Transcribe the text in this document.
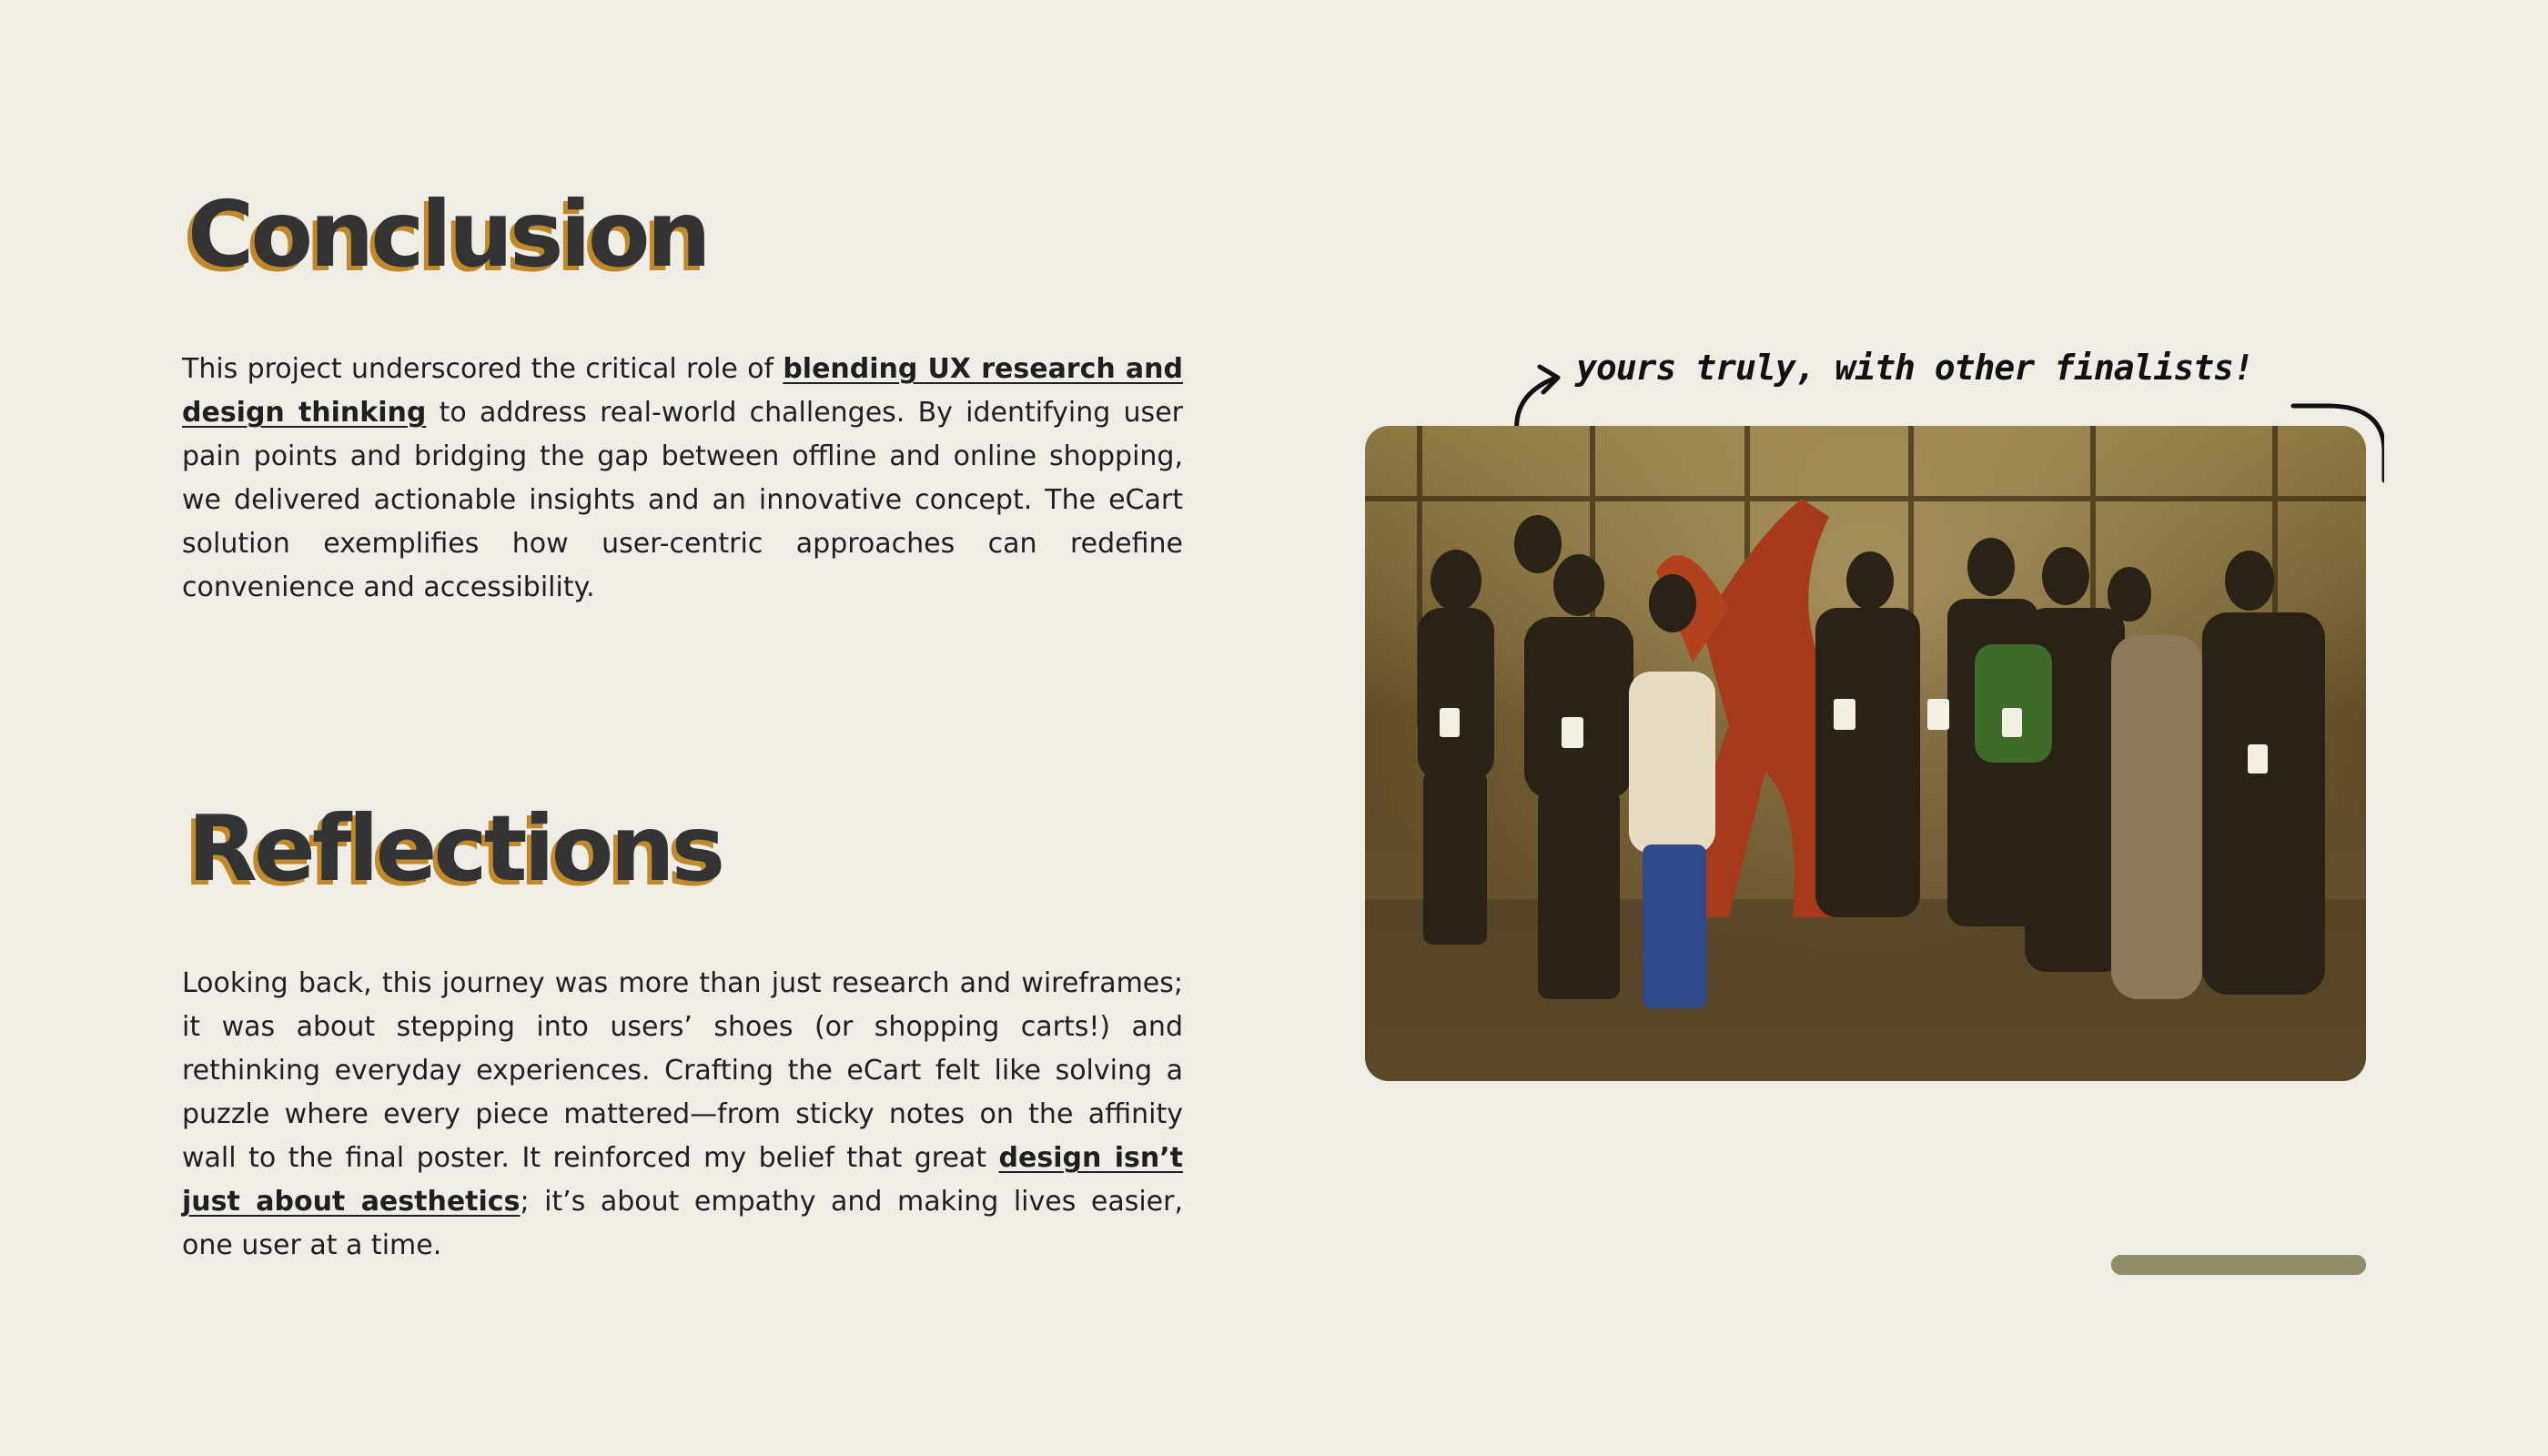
Conclusion

This project underscored the critical role of blending UX research and design thinking to address real-world challenges. By identifying user pain points and bridging the gap between offline and online shopping, we delivered actionable insights and an innovative concept. The eCart solution exemplifies how user-centric approaches can redefine convenience and accessibility.

Reflections

Looking back, this journey was more than just research and wireframes; it was about stepping into users’ shoes (or shopping carts!) and rethinking everyday experiences. Crafting the eCart felt like solving a puzzle where every piece mattered—from sticky notes on the affinity wall to the final poster. It reinforced my belief that great design isn’t just about aesthetics; it’s about empathy and making lives easier, one user at a time.

yours truly, with other finalists!
